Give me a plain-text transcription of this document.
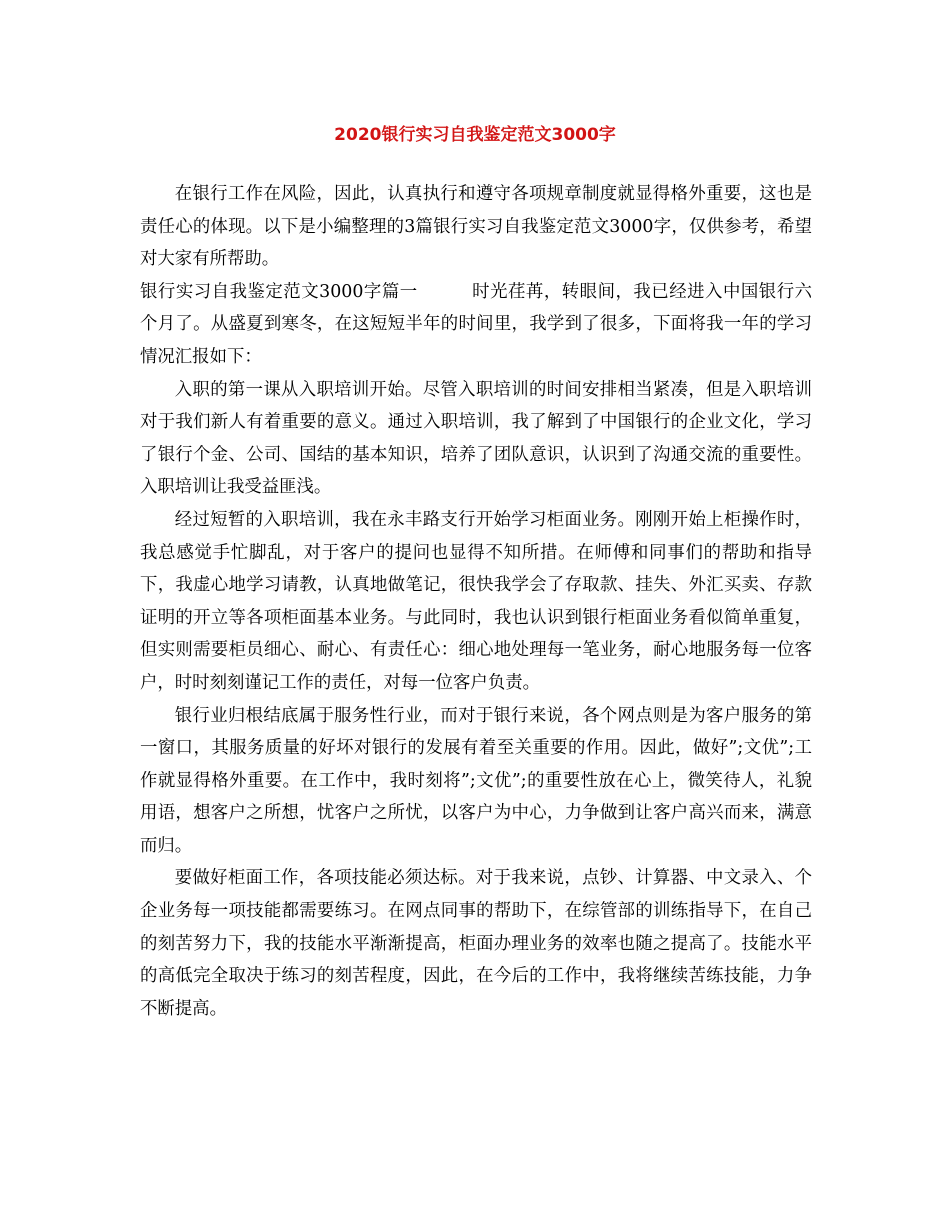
2020银行实习自我鉴定范文3000字

在银行工作在风险，因此，认真执行和遵守各项规章制度就显得格外重要，这也是责任心的体现。以下是小编整理的3篇银行实习自我鉴定范文3000字，仅供参考，希望对大家有所帮助。

银行实习自我鉴定范文3000字篇一	时光荏苒，转眼间，我已经进入中国银行六个月了。从盛夏到寒冬，在这短短半年的时间里，我学到了很多，下面将我一年的学习情况汇报如下：

入职的第一课从入职培训开始。尽管入职培训的时间安排相当紧凑，但是入职培训对于我们新人有着重要的意义。通过入职培训，我了解到了中国银行的企业文化，学习了银行个金、公司、国结的基本知识，培养了团队意识，认识到了沟通交流的重要性。入职培训让我受益匪浅。

经过短暂的入职培训，我在永丰路支行开始学习柜面业务。刚刚开始上柜操作时，我总感觉手忙脚乱，对于客户的提问也显得不知所措。在师傅和同事们的帮助和指导下，我虚心地学习请教，认真地做笔记，很快我学会了存取款、挂失、外汇买卖、存款证明的开立等各项柜面基本业务。与此同时，我也认识到银行柜面业务看似简单重复，但实则需要柜员细心、耐心、有责任心：细心地处理每一笔业务，耐心地服务每一位客户，时时刻刻谨记工作的责任，对每一位客户负责。

银行业归根结底属于服务性行业，而对于银行来说，各个网点则是为客户服务的第一窗口，其服务质量的好坏对银行的发展有着至关重要的作用。因此，做好”;文优”;工作就显得格外重要。在工作中，我时刻将”;文优”;的重要性放在心上，微笑待人，礼貌用语，想客户之所想，忧客户之所忧，以客户为中心，力争做到让客户高兴而来，满意而归。

要做好柜面工作，各项技能必须达标。对于我来说，点钞、计算器、中文录入、个企业务每一项技能都需要练习。在网点同事的帮助下，在综管部的训练指导下，在自己的刻苦努力下，我的技能水平渐渐提高，柜面办理业务的效率也随之提高了。技能水平的高低完全取决于练习的刻苦程度，因此，在今后的工作中，我将继续苦练技能，力争不断提高。
